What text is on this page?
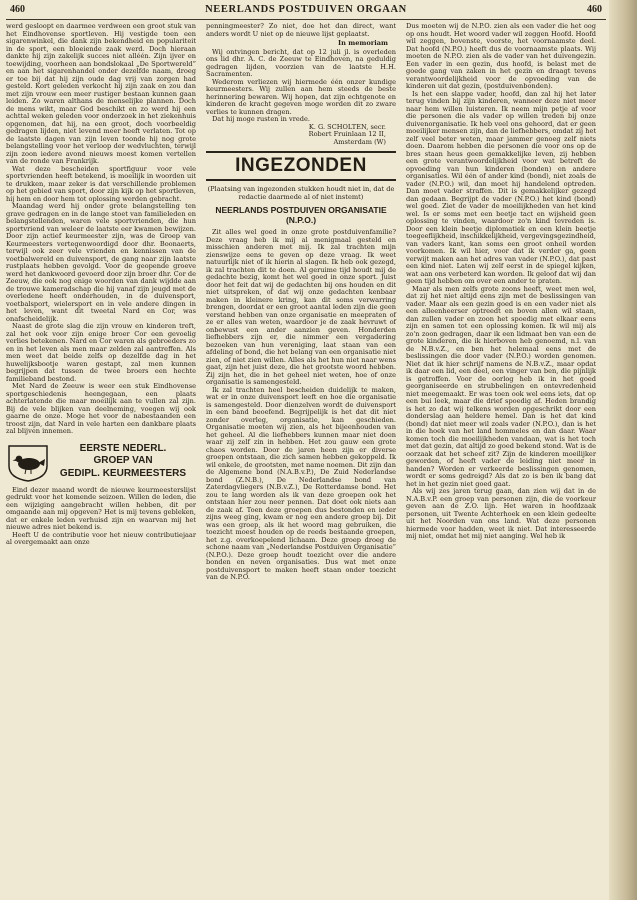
460	NEERLANDS POSTDUIVEN ORGAAN	460

werd gesloopt en daarmee verdween een groot stuk van het Eindhovense sportleven. Hij vestigde toen een sigarenwinkel, die dank zijn bekendheid en populariteit in de sport, een bloeiende zaak werd. Doch hieraan dankte hij zijn zakelijk succes niet alléén. Zijn ijver en toewijding, voorheen aan bondslokaal „De Sportwereld” en aan het sigarenhandel onder dezelfde naam, droeg er toe bij dat hij zijn oude dag vrij van zorgen had gesteld. Kort geleden verkocht hij zijn zaak en zou dan met zijn vrouw een meer rustiger bestaan kunnen gaan leiden. Zo waren althans de menselijke plannen. Doch de mens wikt, maar God beschikt en zo werd hij een achttal weken geleden voor onderzoek in het ziekenhuis opgenomen, dat hij, na een groot, doch voorbeeldig gedragen lijden, niet levend meer heeft verlaten. Tot op de laatste dagen van zijn leven toonde hij nog grote belangstelling voor het verloop der wedvluchten, terwijl zijn zoon iedere avond nieuws moest komen vertellen van de ronde van Frankrijk.

Wat deze bescheiden sportfiguur voor vele sportvrienden heeft betekend, is moeilijk in woorden uit te drukken, maar zeker is dat verschillende problemen op het gebied van sport, door zijn kijk op het sportleven, hij hem en door hem tot oplossing werden gebracht.

Maandag werd hij onder grote belangstelling ten grave gedragen en in de lange stoet van familieleden en belangstellenden, waren vele sportvrienden, die hun sportvriend van weleer de laatste eer kwamen bewijzen. Door zijn actief keurmeester zijn, was de Groep van Keurmeesters vertegenwoordigd door dhr. Boonaerts, terwijl ook zeer vele vrienden en kennissen van de voetbalwereld en duivensport, de gang naar zijn laatste rustplaats hebben gevolgd. Voor de geopende groeve werd het dankwoord gevoerd door zijn broer dhr. Cor de Zeeuw, die ook nog enige woorden van dank wijdde aan de trouwe kameradschap die hij vanaf zijn jeugd met de overledene heeft onderhouden, in de duivensport, voetbalsport, wielersport en in vele andere dingen in het leven, want dit tweetal Nard en Cor, was onafscheidelijk.

Naast de grote slag die zijn vrouw en kinderen treft, zal het ook voor zijn enige broer Cor een gevoelig verlies betekenen. Nard en Cor waren als gebroeders zo en in het leven als men maar zelden zal aantreffen. Als men weet dat beide zelfs op dezelfde dag in het huwelijksbootje waren gestapt, zal men kunnen begrijpen dat tussen de twee broers een hechte familieband bestond.

Met Nard de Zeeuw is weer een stuk Eindhovense sportgeschiedenis heengegaan, een plaats achterlatende die maar moeilijk aan te vullen zal zijn. Bij de vele blijken van deelneming, voegen wij ook gaarne de onze. Moge het voor de nabestaanden een troost zijn, dat Nard in vele harten een dankbare plaats zal blijven innemen.

EERSTE NEDERL.
GROEP VAN
GEDIPL. KEURMEESTERS

Eind dezer maand wordt de nieuwe keurmeesterslijst gedrukt voor het komende seizoen. Willen de leden, die een wijziging aangebracht willen hebben, dit per omgaande aan mij opgeven? Het is mij tevens gebleken, dat er enkele leden verhuisd zijn en waarvan mij het nieuwe adres niet bekend is.

Heeft U de contributie voor het nieuw contributiejaar al overgemaakt aan onze

penningmeester? Zo niet, doe het dan direct, want anders wordt U niet op de nieuwe lijst geplaatst.

In memoriam

Wij ontvingen bericht, dat op 12 juli jl. is overleden ons lid dhr. A. C. de Zeeuw te Eindhoven, na geduldig gedragen lijden, voorzien van de laatste H.H. Sacramenten.

Wederom verliezen wij hiermede één onzer kundige keurmeesters. Wij zullen aan hem steeds de beste herinnering bewaren. Wij hopen, dat zijn echtgenote en kinderen de kracht gegeven moge worden dit zo zware verlies te kunnen dragen.

Dat hij moge rusten in vrede.

K. G. SCHOLTEN, secr.
Robert Fruinlaan 12 II,
Amsterdam (W)
INGEZONDEN

(Plaatsing van ingezonden stukken houdt niet in, dat de redactie daarmede al of niet instemt)

NEERLANDS POSTDUIVEN ORGANISATIE (N.P.O.)

Zit alles wel goed in onze grote postduivenfamilie? Deze vraag heb ik mij al menigmaal gesteld en misschien anderen met mij. Ik zal trachten mijn zienswijze eens te geven op deze vraag. Ik weet natuurlijk niet of ik hierin al slagen. Ik heb ook gezegd, ik zal trachten dit te doen. Al geruime tijd houdt mij de gedachte bezig, komt het wel goed in onze sport. Juist door het feit dat wij de gedachten bij ons houden en dit niet uitspreken, of dat wij onze gedachten kenbaar maken in kleinere kring, kan dit soms verwarring brengen, doordat er een groot aantal leden zijn die geen verstand hebben van onze organisatie en meepraten of ze er alles van weten, waardoor je de zaak hevruwt of onbewust een ander aanzien geven. Honderden liefhebbers zijn er, die nimmer een vergadering bezoeken van hun vereniging, laat staan van een afdeling of bond, die het belang van een organisatie niet zien, of niet zien willen. Alles als het hun niet naar wens gaat, zijn het juist deze, die het grootste woord hebben. Zij zijn het, die in het geheel niet weten, hoe of onze organisatie is samengesteld.

Ik zal trachten heel bescheiden duidelijk te maken, wat er in onze duivensport leeft en hoe die organisatie is samengesteld. Door dienzelven wordt de duivensport in een band beoefend. Begrijpelijk is het dat dit niet zonder overleg, organisatie, kan geschieden. Organisatie moeten wij zien, als het bijeenhouden van het geheel. Al die liefhebbers kunnen maar niet doen waar zij zelf zin in hebben. Het zou gauw een grote chaos worden. Door de jaren heen zijn er diverse groepen ontstaan, die zich samen hebben gekoppeld. Ik wil enkele, de grootsten, met name noemen. Dit zijn dan de Algemene bond (N.A.B.v.P.), De Zuid Nederlandse bond (Z.N.B.), De Nederlandse bond van Zaterdagvliegers (N.B.v.Z.), De Rotterdamse bond. Het zou te lang worden als ik van deze groepen ook het ontstaan hier zou neer pennen. Dat doet ook niets aan de zaak af. Toen deze groepen dus bestonden en ieder zijns weeg ging, kwam er nog een andere groep bij. Dit was een groep, als ik het woord mag gebruiken, die toezicht moest houden op de reeds bestaande groepen, het z.g. overkoepelend lichaam. Deze groep droeg de schone naam van „Nederlandse Postduiven Organisatie” (N.P.O.). Deze groep houdt toezicht over die andere bonden en neven organisaties. Dus wat met onze postduivensport te maken heeft staan onder toezicht van de N.P.O.

Dus moeten wij de N.P.O. zien als een vader die het oog op ons houdt. Het woord vader wil zeggen Hoofd. Hoofd wil zeggen, bovenste, voorste, het voornaamste deel. Dat hoofd (N.P.O.) heeft dus de voornaamste plaats. Wij moeten de N.P.O. zien als de vader van het duivengezin. Een vader in een gezin, dus hoofd, is belast met de goede gang van zaken in het gezin en draagt tevens verantwoordelijkheid voor de opvoeding van de kinderen uit dat gezin, (postduivenbonden).

Is het een slappe vader, hoofd, dan zal hij het later terug vinden bij zijn kinderen, wanneer deze niet meer naar hem willen luisteren. Ik neem mijn petje af voor die personen die als vader op willen treden bij onze duivenorganisatie. Ik heb veel ons gehoord, dat er geen moeilijker mensen zijn, dan de liefhebbers, omdat zij het zelf veel beter weten, maar jammer genoeg zelf niets doen. Daarom hebben die personen die voor ons op de bres staan heus geen gemakkelijke leven, zij hebben een grote verantwoordelijkheid voor wat betreft de opvoeding van hun kinderen (bonden) en andere organisaties. Wil één of ander kind (bond), niet zoals de vader (N.P.O.) wil, dan moet hij handelend optreden. Dan moet vader straffen. Dit is gemakkelijker gezegd dan gedaan. Begrijpt de vader (N.P.O.) het kind (bond) wel goed. Ziet de vader de moeilijkheden van het kind wel. Is er soms met een beetje tact en wijsheid geen oplossing te vinden, waardoor zo'n kind tevreden is. Door een klein beetje diplomatiek en een klein beetje toegeeflijkheid, inschikkelijkheid, vergevingsgezindheid, van vaders kant, kan soms een groot onheil worden voorkomen. Ik wil hier, voor dat ik verder ga, geen verwijt maken aan het adres van vader (N.P.O.), dat past een kind niet. Laten wij zelf eerst in de spiegel kijken, wat aan ons verbeterd kan worden. Ik geloof dat wij dan geen tijd hebben om over een ander te praten.

Maar als men zelfs grote zoons heeft, weet men wel, dat zij het niet altijd eens zijn met de beslissingen van vader. Maar als een gezin goed is en een vader niet als een alleenheerser optreedt en boven allen wil staan, dan zullen vader en zoon het spoedig met elkaar eens zijn en samen tot een oplossing komen. Ik wil mij als zo'n zoon gedragen, daar ik een lidmaat ben van een de grote kinderen, die ik hierboven heb genoemd, n.l. van de N.B.v.Z., en ben het helemaal eens met de beslissingen die door vader (N.P.O.) worden genomen. Niet dat ik hier schrijf namens de N.B.v.Z., maar opdat ik daar een lid, een deel, een vinger van ben, die pijnlijk is getroffen. Voor de oorlog heb ik in het goed georganiseerde en strubbelingen en ontevredenheid niet meegemaakt. Er was toen ook wel eens iets, dat op een bui leek, maar die drief spoedig af. Heden brandig is het zo dat wij telkens worden opgeschrikt door een donderslag aan heldere hemel. Dan is het dat kind (bond) dat niet meer wil zoals vader (N.P.O.), dan is het in die hoek van het land hommeles en dan daar. Waar komen toch die moeilijkheden vandaan, wat is het toch met dat gezin, dat altijd zo goed bekend stond. Wat is de oorzaak dat het scheef zit? Zijn de kinderen moeilijker geworden, of heeft vader de leiding niet meer in handen? Worden er verkeerde beslissingen genomen, wordt er soms gedreigd? Als dat zo is ben ik bang dat het in het gezin niet goed gaat.

Als wij zes jaren terug gaan, dan zien wij dat in de N.A.B.v.P. een groep van personen zijn, die de voorkeur geven aan de Z.O. lijn. Het waren in hoofdzaak personen, uit Twente Achterhoek en een klein gedeelte uit het Noorden van ons land. Wat deze personen hiermede voor hadden, weet ik niet. Dat interesseerde mij niet, omdat het mij niet aanging. Wel heb ik
